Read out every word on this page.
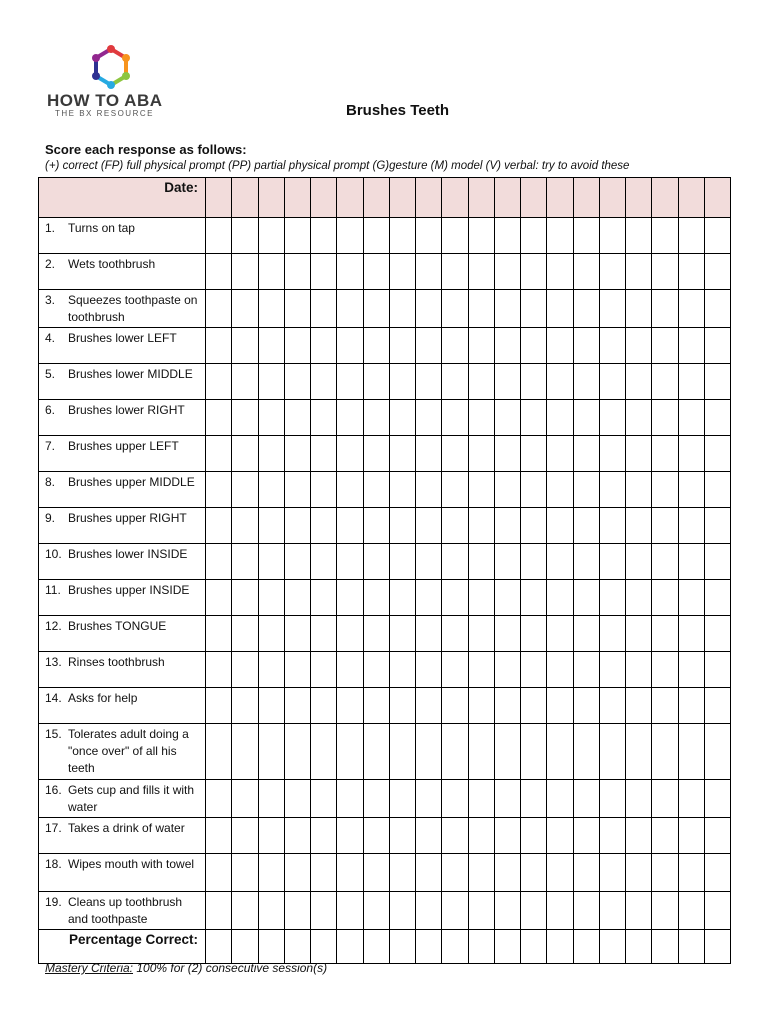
HOW TO ABA
THE BX RESOURCE	Brushes Teeth
Score each response as follows:
(+) correct (FP) full physical prompt (PP) partial physical prompt (G)gesture (M) model (V) verbal: try to avoid these
Date:																				

1. Turns on tap																				

2. Wets toothbrush																				

3. Squeezes toothpaste on toothbrush																				

4. Brushes lower LEFT																				

5. Brushes lower MIDDLE																				

6. Brushes lower RIGHT																				

7. Brushes upper LEFT																				

8. Brushes upper MIDDLE																				

9. Brushes upper RIGHT																				

10. Brushes lower INSIDE																				

11. Brushes upper INSIDE																				

12. Brushes TONGUE																				

13. Rinses toothbrush																				

14. Asks for help																				

15. Tolerates adult doing a "once over" of all his teeth																				

16. Gets cup and fills it with water																				

17. Takes a drink of water																				

18. Wipes mouth with towel																				

19. Cleans up toothbrush and toothpaste																				

Percentage Correct:																				
Mastery Criteria: 100% for (2) consecutive session(s)
